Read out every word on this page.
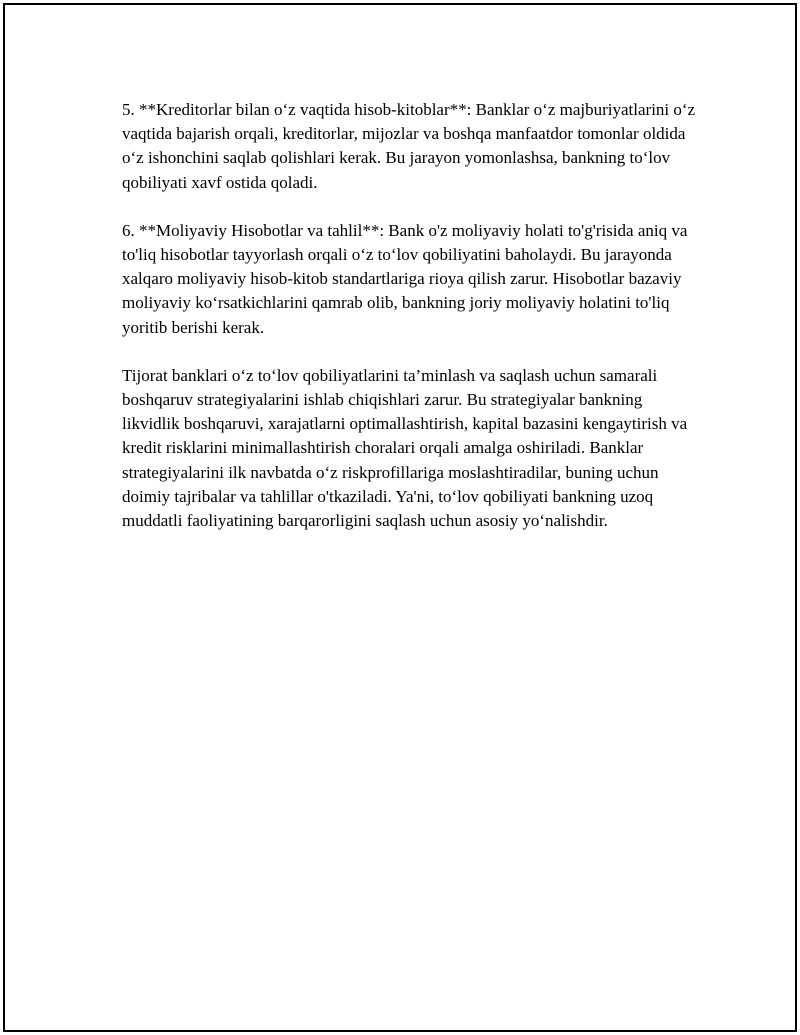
5. **Kreditorlar bilan o‘z vaqtida hisob-kitoblar**: Banklar o‘z majburiyatlarini o‘z vaqtida bajarish orqali, kreditorlar, mijozlar va boshqa manfaatdor tomonlar oldida o‘z ishonchini saqlab qolishlari kerak. Bu jarayon yomonlashsa, bankning to‘lov qobiliyati xavf ostida qoladi.

6. **Moliyaviy Hisobotlar va tahlil**: Bank o'z moliyaviy holati to'g'risida aniq va to'liq hisobotlar tayyorlash orqali o‘z to‘lov qobiliyatini baholaydi. Bu jarayonda xalqaro moliyaviy hisob-kitob standartlariga rioya qilish zarur. Hisobotlar bazaviy moliyaviy ko‘rsatkichlarini qamrab olib, bankning joriy moliyaviy holatini to'liq yoritib berishi kerak.

Tijorat banklari o‘z to‘lov qobiliyatlarini ta’minlash va saqlash uchun samarali boshqaruv strategiyalarini ishlab chiqishlari zarur. Bu strategiyalar bankning likvidlik boshqaruvi, xarajatlarni optimallashtirish, kapital bazasini kengaytirish va kredit risklarini minimallashtirish choralari orqali amalga oshiriladi. Banklar strategiyalarini ilk navbatda o‘z riskprofillariga moslashtiradilar, buning uchun doimiy tajribalar va tahlillar o'tkaziladi. Ya'ni, to‘lov qobiliyati bankning uzoq muddatli faoliyatining barqarorligini saqlash uchun asosiy yo‘nalishdir.
